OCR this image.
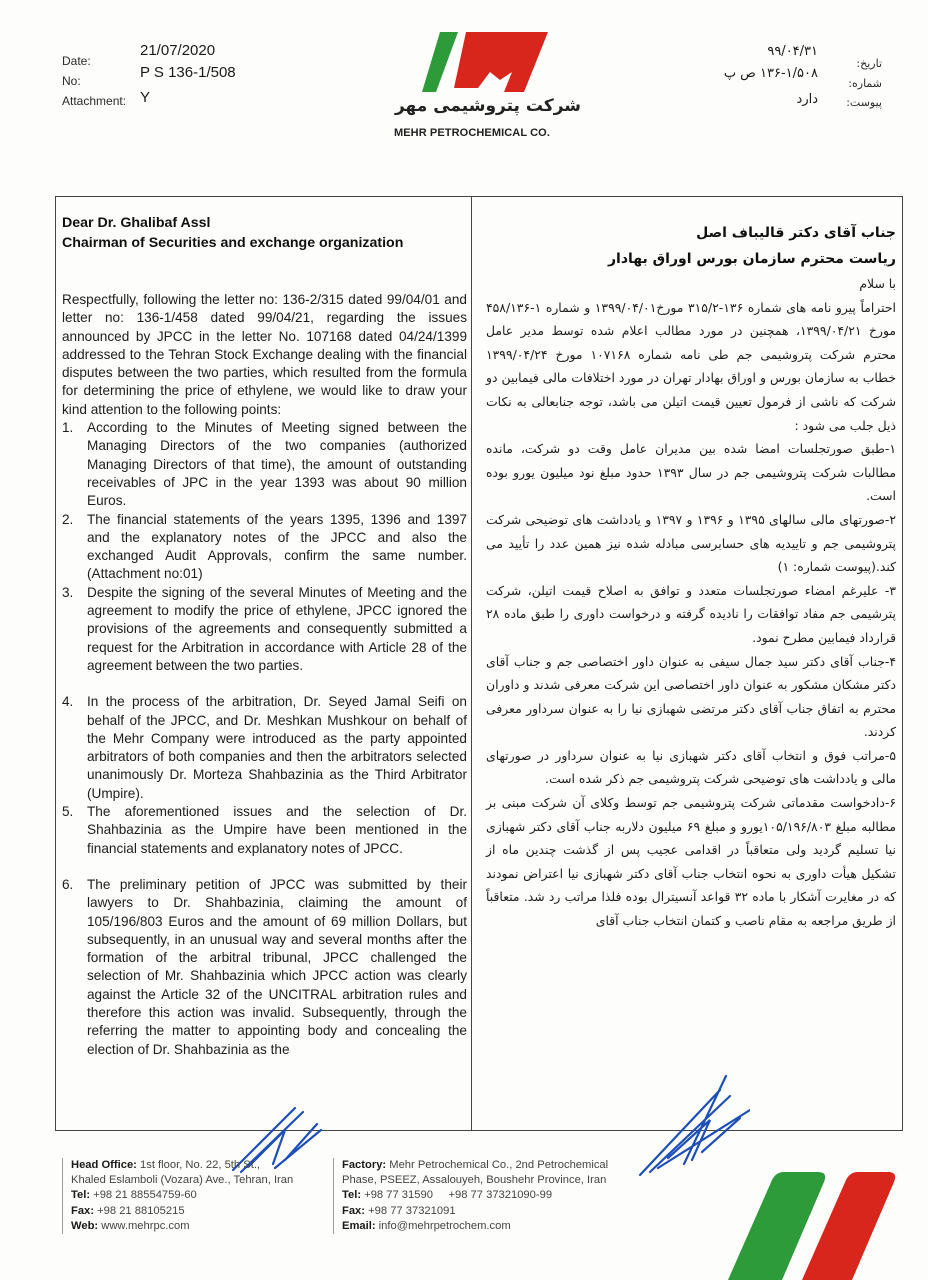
Date:
21/07/2020
No:	P S 136-1/508
Attachment: Y	شرکت پتروشیمی مهر
MEHR PETROCHEMICAL CO.
تاریخ:
۹۹/۰۴/۳۱
شماره:
۱۳۶-۱/۵۰۸ ص پ
پیوست:
دارد
Dear Dr. Ghalibaf Assl
Chairman of Securities and exchange organization
Respectfully, following the letter no: 136-2/315 dated 99/04/01 and letter no: 136-1/458 dated 99/04/21, regarding the issues announced by JPCC in the letter No. 107168 dated 04/24/1399 addressed to the Tehran Stock Exchange dealing with the financial disputes between the two parties, which resulted from the formula for determining the price of ethylene, we would like to draw your kind attention to the following points:
1. According to the Minutes of Meeting signed between the Managing Directors of the two companies (authorized Managing Directors of that time), the amount of outstanding receivables of JPC in the year 1393 was about 90 million Euros.
2. The financial statements of the years 1395, 1396 and 1397 and the explanatory notes of the JPCC and also the exchanged Audit Approvals, confirm the same number. (Attachment no:01)
3. Despite the signing of the several Minutes of Meeting and the agreement to modify the price of ethylene, JPCC ignored the provisions of the agreements and consequently submitted a request for the Arbitration in accordance with Article 28 of the agreement between the two parties.
4. In the process of the arbitration, Dr. Seyed Jamal Seifi on behalf of the JPCC, and Dr. Meshkan Mushkour on behalf of the Mehr Company were introduced as the party appointed arbitrators of both companies and then the arbitrators selected unanimously Dr. Morteza Shahbazinia as the Third Arbitrator (Umpire).
5. The aforementioned issues and the selection of Dr. Shahbazinia as the Umpire have been mentioned in the financial statements and explanatory notes of JPCC.
6. The preliminary petition of JPCC was submitted by their lawyers to Dr. Shahbazinia, claiming the amount of 105/196/803 Euros and the amount of 69 million Dollars, but subsequently, in an unusual way and several months after the formation of the arbitral tribunal, JPCC challenged the selection of Mr. Shahbazinia which JPCC action was clearly against the Article 32 of the UNCITRAL arbitration rules and therefore this action was invalid. Subsequently, through the referring the matter to appointing body and concealing the election of Dr. Shahbazinia as the
جناب آقای دکتر قالیباف اصل
ریاست محترم سازمان بورس اوراق بهادار

با سلام

احتراماً پیرو نامه های شماره ۱۳۶-۳۱۵/۲ مورخ۱۳۹۹/۰۴/۰۱ و شماره ۱-۴۵۸/۱۳۶ مورخ ۱۳۹۹/۰۴/۲۱، همچنین در مورد مطالب اعلام شده توسط مدیر عامل محترم شرکت پتروشیمی جم طی نامه شماره ۱۰۷۱۶۸ مورخ ۱۳۹۹/۰۴/۲۴ خطاب به سازمان بورس و اوراق بهادار تهران در مورد اختلافات مالی فیمابین دو شرکت که ناشی از فرمول تعیین قیمت اتیلن می باشد، توجه جنابعالی به نکات ذیل جلب می شود :

۱-طبق صورتجلسات امضا شده بین مدیران عامل وقت دو شرکت، مانده مطالبات شرکت پتروشیمی جم در سال ۱۳۹۳ حدود مبلغ نود میلیون یورو بوده است.

۲-صورتهای مالی سالهای ۱۳۹۵ و ۱۳۹۶ و ۱۳۹۷ و یادداشت های توضیحی شرکت پتروشیمی جم و تاییدیه های حسابرسی مبادله شده نیز همین عدد را تأیید می کند.(پیوست شماره: ۱)

۳- علیرغم امضاء صورتجلسات متعدد و توافق به اصلاح قیمت اتیلن، شرکت پترشیمی جم مفاد توافقات را نادیده گرفته و درخواست داوری را طبق ماده ۲۸ قرارداد فیمابین مطرح نمود.

۴-جناب آقای دکتر سید جمال سیفی به عنوان داور اختصاصی جم و جناب آقای دکتر مشکان مشکور به عنوان داور اختصاصی این شرکت معرفی شدند و داوران محترم به اتفاق جناب آقای دکتر مرتضی شهبازی نیا را به عنوان سرداور معرفی کردند.

۵-مراتب فوق و انتخاب آقای دکتر شهبازی نیا به عنوان سرداور در صورتهای مالی و یادداشت های توضیحی شرکت پتروشیمی جم ذکر شده است.

۶-دادخواست مقدماتی شرکت پتروشیمی جم توسط وکلای آن شرکت مبنی بر مطالبه مبلغ ۱۰۵/۱۹۶/۸۰۳یورو و مبلغ ۶۹ میلیون دلاربه جناب آقای دکتر شهبازی نیا تسلیم گردید ولی متعاقباً در اقدامی عجیب پس از گذشت چندین ماه از تشکیل هیأت داوری به نحوه انتخاب جناب آقای دکتر شهبازی نیا اعتراض نمودند که در مغایرت آشکار با ماده ۳۲ قواعد آنسیترال بوده فلذا مراتب رد شد. متعاقباً از طریق مراجعه به مقام ناصب و کتمان انتخاب جناب آقای

Head Office: 1st floor, No. 22, 5th St.,
Khaled Eslamboli (Vozara) Ave., Tehran, Iran
Tel: +98 21 88554759-60
Fax: +98 21 88105215
Web: www.mehrpc.com
Factory: Mehr Petrochemical Co., 2nd Petrochemical
Phase, PSEEZ, Assalouyeh, Boushehr Province, Iran
Tel: +98 77 31590     +98 77 37321090-99
Fax: +98 77 37321091
Email: info@mehrpetrochem.com
